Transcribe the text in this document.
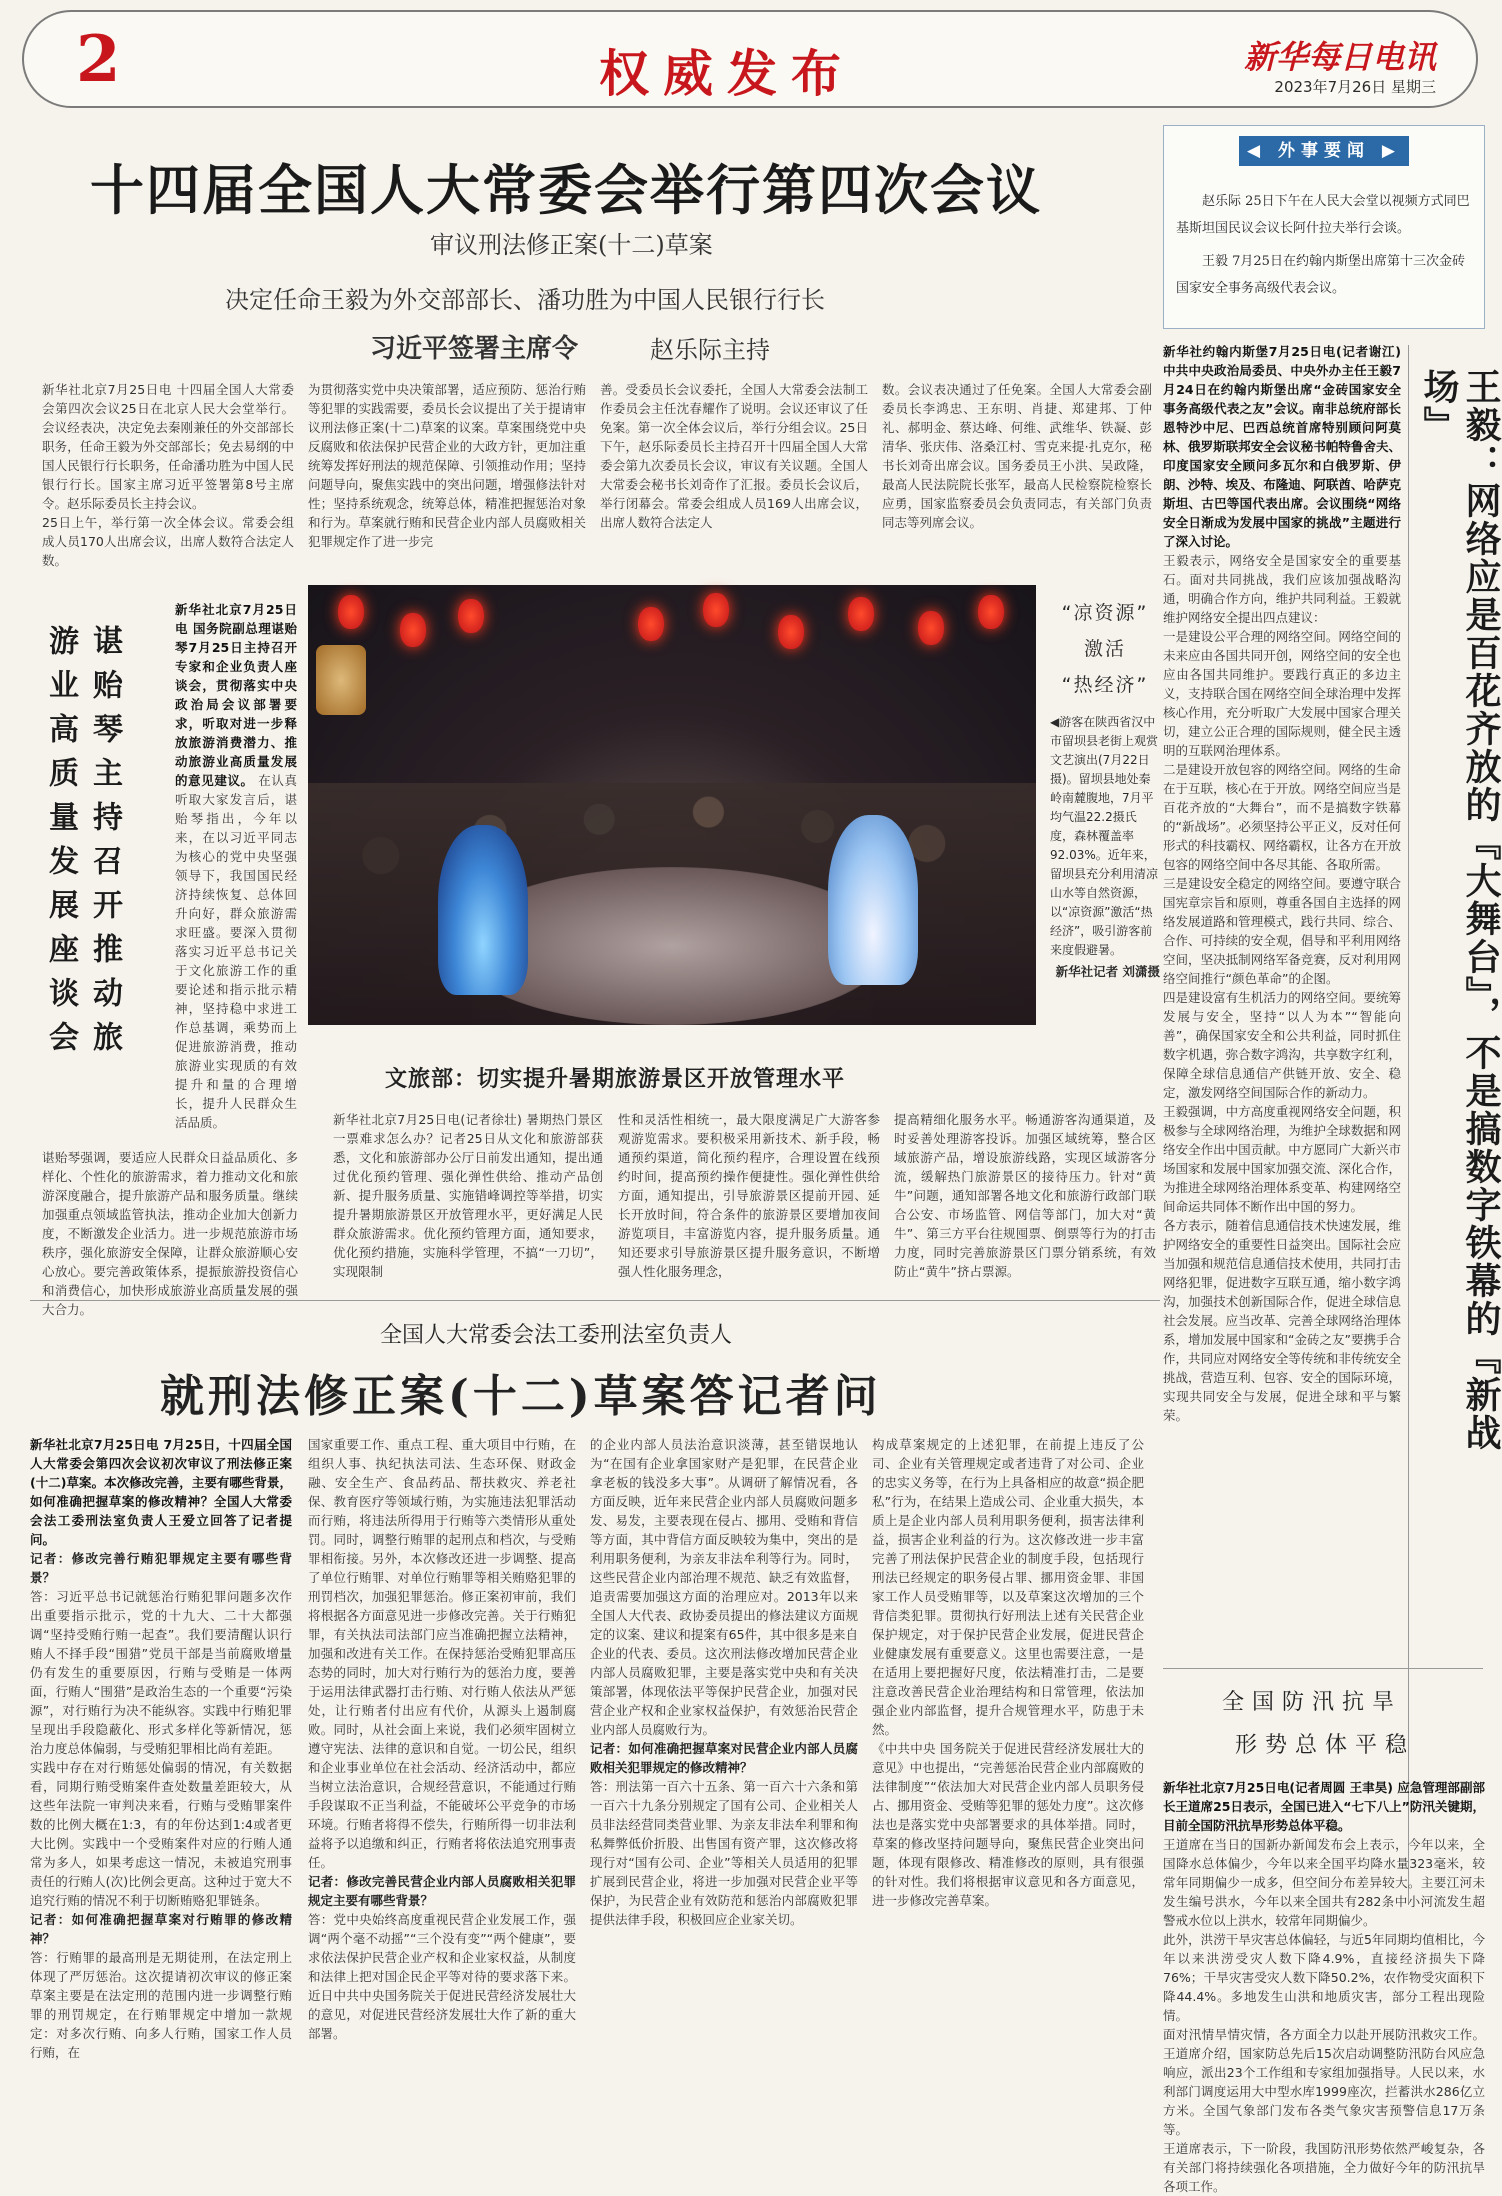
2	权威发布	新华每日电讯
2023年7月26日 星期三
◀ 外事要闻 ▶

赵乐际 25日下午在人民大会堂以视频方式同巴基斯坦国民议会议长阿什拉夫举行会谈。

王毅 7月25日在约翰内斯堡出席第十三次金砖国家安全事务高级代表会议。

十四届全国人大常委会举行第四次会议
审议刑法修正案(十二)草案
决定任命王毅为外交部部长、潘功胜为中国人民银行行长
习近平签署主席令	赵乐际主持
新华社北京7月25日电 十四届全国人大常委会第四次会议25日在北京人民大会堂举行。会议经表决，决定免去秦刚兼任的外交部部长职务，任命王毅为外交部部长；免去易纲的中国人民银行行长职务，任命潘功胜为中国人民银行行长。国家主席习近平签署第8号主席令。赵乐际委员长主持会议。
25日上午，举行第一次全体会议。常委会组成人员170人出席会议，出席人数符合法定人数。
为贯彻落实党中央决策部署，适应预防、惩治行贿等犯罪的实践需要，委员长会议提出了关于提请审议刑法修正案(十二)草案的议案。草案围绕党中央反腐败和依法保护民营企业的大政方针，更加注重统筹发挥好刑法的规范保障、引领推动作用；坚持问题导向，聚焦实践中的突出问题，增强修法针对性；坚持系统观念，统筹总体，精准把握惩治对象和行为。草案就行贿和民营企业内部人员腐败相关犯罪规定作了进一步完
善。受委员长会议委托，全国人大常委会法制工作委员会主任沈春耀作了说明。会议还审议了任免案。第一次全体会议后，举行分组会议。25日下午，赵乐际委员长主持召开十四届全国人大常委会第九次委员长会议，审议有关议题。全国人大常委会秘书长刘奇作了汇报。委员长会议后，举行闭幕会。常委会组成人员169人出席会议，出席人数符合法定人
数。会议表决通过了任免案。全国人大常委会副委员长李鸿忠、王东明、肖捷、郑建邦、丁仲礼、郝明金、蔡达峰、何维、武维华、铁凝、彭清华、张庆伟、洛桑江村、雪克来提·扎克尔，秘书长刘奇出席会议。国务委员王小洪、吴政隆，最高人民法院院长张军，最高人民检察院检察长应勇，国家监察委员会负责同志，有关部门负责同志等列席会议。
谌贻琴主持召开推动旅游业高质量发展座谈会
新华社北京7月25日电 国务院副总理谌贻琴7月25日主持召开专家和企业负责人座谈会，贯彻落实中央政治局会议部署要求，听取对进一步释放旅游消费潜力、推动旅游业高质量发展的意见建议。 在认真听取大家发言后，谌贻琴指出，今年以来，在以习近平同志为核心的党中央坚强领导下，我国国民经济持续恢复、总体回升向好，群众旅游需求旺盛。要深入贯彻落实习近平总书记关于文化旅游工作的重要论述和指示批示精神，坚持稳中求进工作总基调，乘势而上促进旅游消费，推动旅游业实现质的有效提升和量的合理增长，提升人民群众生活品质。
谌贻琴强调，要适应人民群众日益品质化、多样化、个性化的旅游需求，着力推动文化和旅游深度融合，提升旅游产品和服务质量。继续加强重点领域监管执法，推动企业加大创新力度，不断激发企业活力。进一步规范旅游市场秩序，强化旅游安全保障，让群众旅游顺心安心放心。要完善政策体系，提振旅游投资信心和消费信心，加快形成旅游业高质量发展的强大合力。
“凉资源”
激活
“热经济”
◀游客在陕西省汉中市留坝县老街上观赏文艺演出(7月22日摄)。留坝县地处秦岭南麓腹地，7月平均气温22.2摄氏度，森林覆盖率92.03%。近年来，留坝县充分利用清凉山水等自然资源，以“凉资源”激活“热经济”，吸引游客前来度假避暑。
新华社记者 刘潇摄
文旅部：切实提升暑期旅游景区开放管理水平
新华社北京7月25日电(记者徐壮) 暑期热门景区一票难求怎么办？记者25日从文化和旅游部获悉，文化和旅游部办公厅日前发出通知，提出通过优化预约管理、强化弹性供给、推动产品创新、提升服务质量、实施错峰调控等举措，切实提升暑期旅游景区开放管理水平，更好满足人民群众旅游需求。优化预约管理方面，通知要求，优化预约措施，实施科学管理，不搞“一刀切”，实现限制
性和灵活性相统一，最大限度满足广大游客参观游览需求。要积极采用新技术、新手段，畅通预约渠道，简化预约程序，合理设置在线预约时间，提高预约操作便捷性。强化弹性供给方面，通知提出，引导旅游景区提前开园、延长开放时间，符合条件的旅游景区要增加夜间游览项目，丰富游览内容，提升服务质量。通知还要求引导旅游景区提升服务意识，不断增强人性化服务理念，
提高精细化服务水平。畅通游客沟通渠道，及时妥善处理游客投诉。加强区域统筹，整合区域旅游产品，增设旅游线路，实现区域游客分流，缓解热门旅游景区的接待压力。针对“黄牛”问题，通知部署各地文化和旅游行政部门联合公安、市场监管、网信等部门，加大对“黄牛”、第三方平台往规囤票、倒票等行为的打击力度，同时完善旅游景区门票分销系统，有效防止“黄牛”挤占票源。
新华社约翰内斯堡7月25日电(记者谢江) 中共中央政治局委员、中央外办主任王毅7月24日在约翰内斯堡出席“金砖国家安全事务高级代表之友”会议。南非总统府部长恩特沙中尼、巴西总统首席特别顾问阿莫林、俄罗斯联邦安全会议秘书帕特鲁舍夫、印度国家安全顾问多瓦尔和白俄罗斯、伊朗、沙特、埃及、布隆迪、阿联酋、哈萨克斯坦、古巴等国代表出席。会议围绕“网络安全日渐成为发展中国家的挑战”主题进行了深入讨论。
王毅表示，网络安全是国家安全的重要基石。面对共同挑战，我们应该加强战略沟通，明确合作方向，维护共同利益。王毅就维护网络安全提出四点建议：
一是建设公平合理的网络空间。网络空间的未来应由各国共同开创，网络空间的安全也应由各国共同维护。要践行真正的多边主义，支持联合国在网络空间全球治理中发挥核心作用，充分听取广大发展中国家合理关切，建立公正合理的国际规则，健全民主透明的互联网治理体系。
二是建设开放包容的网络空间。网络的生命在于互联，核心在于开放。网络空间应当是百花齐放的“大舞台”，而不是搞数字铁幕的“新战场”。必须坚持公平正义，反对任何形式的科技霸权、网络霸权，让各方在开放包容的网络空间中各尽其能、各取所需。
三是建设安全稳定的网络空间。要遵守联合国宪章宗旨和原则，尊重各国自主选择的网络发展道路和管理模式，践行共同、综合、合作、可持续的安全观，倡导和平利用网络空间，坚决抵制网络军备竞赛，反对利用网络空间推行“颜色革命”的企图。
四是建设富有生机活力的网络空间。要统筹发展与安全，坚持“以人为本”“智能向善”，确保国家安全和公共利益，同时抓住数字机遇，弥合数字鸿沟，共享数字红利，保障全球信息通信产供链开放、安全、稳定，激发网络空间国际合作的新动力。
王毅强调，中方高度重视网络安全问题，积极参与全球网络治理，为维护全球数据和网络安全作出中国贡献。中方愿同广大新兴市场国家和发展中国家加强交流、深化合作，为推进全球网络治理体系变革、构建网络空间命运共同体不断作出中国的努力。
各方表示，随着信息通信技术快速发展，维护网络安全的重要性日益突出。国际社会应当加强和规范信息通信技术使用，共同打击网络犯罪，促进数字互联互通，缩小数字鸿沟，加强技术创新国际合作，促进全球信息社会发展。应当改革、完善全球网络治理体系，增加发展中国家和“金砖之友”要携手合作，共同应对网络安全等传统和非传统安全挑战，营造互利、包容、安全的国际环境，实现共同安全与发展，促进全球和平与繁荣。	王毅：网络应是百花齐放的『大舞台』，不是搞数字铁幕的『新战场』
全国人大常委会法工委刑法室负责人
就刑法修正案(十二)草案答记者问
新华社北京7月25日电 7月25日，十四届全国人大常委会第四次会议初次审议了刑法修正案(十二)草案。本次修改完善，主要有哪些背景，如何准确把握草案的修改精神？全国人大常委会法工委刑法室负责人王爱立回答了记者提问。
记者：修改完善行贿犯罪规定主要有哪些背景？
答：习近平总书记就惩治行贿犯罪问题多次作出重要指示批示，党的十九大、二十大都强调“坚持受贿行贿一起查”。我们要清醒认识行贿人不择手段“围猎”党员干部是当前腐败增量仍有发生的重要原因，行贿与受贿是一体两面，行贿人“围猎”是政治生态的一个重要“污染源”，对行贿行为决不能纵容。实践中行贿犯罪呈现出手段隐蔽化、形式多样化等新情况，惩治力度总体偏弱，与受贿犯罪相比尚有差距。
实践中存在对行贿惩处偏弱的情况，有关数据看，同期行贿受贿案件查处数量差距较大，从这些年法院一审判决来看，行贿与受贿罪案件数的比例大概在1:3，有的年份达到1:4或者更大比例。实践中一个受贿案件对应的行贿人通常为多人，如果考虑这一情况，未被追究刑事责任的行贿人(次)比例会更高。这种过于宽大不追究行贿的情况不利于切断贿赂犯罪链条。
记者：如何准确把握草案对行贿罪的修改精神？
答：行贿罪的最高刑是无期徒刑，在法定刑上体现了严厉惩治。这次提请初次审议的修正案草案主要是在法定刑的范围内进一步调整行贿罪的刑罚规定，在行贿罪规定中增加一款规定：对多次行贿、向多人行贿，国家工作人员行贿，在
国家重要工作、重点工程、重大项目中行贿，在组织人事、执纪执法司法、生态环保、财政金融、安全生产、食品药品、帮扶救灾、养老社保、教育医疗等领域行贿，为实施违法犯罪活动而行贿，将违法所得用于行贿等六类情形从重处罚。同时，调整行贿罪的起刑点和档次，与受贿罪相衔接。另外，本次修改还进一步调整、提高了单位行贿罪、对单位行贿罪等相关贿赂犯罪的刑罚档次，加强犯罪惩治。修正案初审前，我们将根据各方面意见进一步修改完善。关于行贿犯罪，有关执法司法部门应当准确把握立法精神，加强和改进有关工作。在保持惩治受贿犯罪高压态势的同时，加大对行贿行为的惩治力度，要善于运用法律武器打击行贿、对行贿人依法从严惩处，让行贿者付出应有代价，从源头上遏制腐败。同时，从社会面上来说，我们必须牢固树立遵守宪法、法律的意识和自觉。一切公民，组织和企业事业单位在社会活动、经济活动中，都应当树立法治意识，合规经营意识，不能通过行贿手段谋取不正当利益，不能破坏公平竞争的市场环境。行贿者将得不偿失，行贿所得一切非法利益将予以追缴和纠正，行贿者将依法追究刑事责任。
记者：修改完善民营企业内部人员腐败相关犯罪规定主要有哪些背景？
答：党中央始终高度重视民营企业发展工作，强调“两个毫不动摇”“三个没有变”“两个健康”，要求依法保护民营企业产权和企业家权益，从制度和法律上把对国企民企平等对待的要求落下来。近日中共中央国务院关于促进民营经济发展壮大的意见，对促进民营经济发展壮大作了新的重大部署。
的企业内部人员法治意识淡薄，甚至错误地认为“在国有企业拿国家财产是犯罪，在民营企业拿老板的钱没多大事”。从调研了解情况看，各方面反映，近年来民营企业内部人员腐败问题多发、易发，主要表现在侵占、挪用、受贿和背信等方面，其中背信方面反映较为集中，突出的是利用职务便利，为亲友非法牟利等行为。同时，这些民营企业内部治理不规范、缺乏有效监督，追责需要加强这方面的治理应对。2013年以来全国人大代表、政协委员提出的修法建议方面规定的议案、建议和提案有65件，其中很多是来自企业的代表、委员。这次刑法修改增加民营企业内部人员腐败犯罪，主要是落实党中央和有关决策部署，体现依法平等保护民营企业，加强对民营企业产权和企业家权益保护，有效惩治民营企业内部人员腐败行为。
记者：如何准确把握草案对民营企业内部人员腐败相关犯罪规定的修改精神？
答：刑法第一百六十五条、第一百六十六条和第一百六十九条分别规定了国有公司、企业相关人员非法经营同类营业罪、为亲友非法牟利罪和徇私舞弊低价折股、出售国有资产罪，这次修改将现行对“国有公司、企业”等相关人员适用的犯罪扩展到民营企业，将进一步加强对民营企业平等保护，为民营企业有效防范和惩治内部腐败犯罪提供法律手段，积极回应企业家关切。
构成草案规定的上述犯罪，在前提上违反了公司、企业有关管理规定或者违背了对公司、企业的忠实义务等，在行为上具备相应的故意“损企肥私”行为，在结果上造成公司、企业重大损失，本质上是企业内部人员利用职务便利，损害法律利益，损害企业利益的行为。这次修改进一步丰富完善了刑法保护民营企业的制度手段，包括现行刑法已经规定的职务侵占罪、挪用资金罪、非国家工作人员受贿罪等，以及草案这次增加的三个背信类犯罪。贯彻执行好刑法上述有关民营企业保护规定，对于保护民营企业发展，促进民营企业健康发展有重要意义。这里也需要注意，一是在适用上要把握好尺度，依法精准打击，二是要注意改善民营企业治理结构和日常管理，依法加强企业内部监督，提升合规管理水平，防患于未然。
《中共中央 国务院关于促进民营经济发展壮大的意见》中也提出，“完善惩治民营企业内部腐败的法律制度”“依法加大对民营企业内部人员职务侵占、挪用资金、受贿等犯罪的惩处力度”。这次修法也是落实党中央部署要求的具体举措。同时，草案的修改坚持问题导向，聚焦民营企业突出问题，体现有限修改、精准修改的原则，具有很强的针对性。我们将根据审议意见和各方面意见，进一步修改完善草案。
全国防汛抗旱
形势总体平稳
新华社北京7月25日电(记者周圆 王聿昊) 应急管理部副部长王道席25日表示，全国已进入“七下八上”防汛关键期，目前全国防汛抗旱形势总体平稳。
王道席在当日的国新办新闻发布会上表示，今年以来，全国降水总体偏少，今年以来全国平均降水量323毫米，较常年同期偏少一成多，但空间分布差异较大。主要江河未发生编号洪水，今年以来全国共有282条中小河流发生超警戒水位以上洪水，较常年同期偏少。
此外，洪涝干旱灾害总体偏轻，与近5年同期均值相比，今年以来洪涝受灾人数下降4.9%，直接经济损失下降76%；干旱灾害受灾人数下降50.2%，农作物受灾面积下降44.4%。多地发生山洪和地质灾害，部分工程出现险情。
面对汛情旱情灾情，各方面全力以赴开展防汛救灾工作。王道席介绍，国家防总先后15次启动调整防汛防台风应急响应，派出23个工作组和专家组加强指导。人民以来，水利部门调度运用大中型水库1999座次，拦蓄洪水286亿立方米。全国气象部门发布各类气象灾害预警信息17万条等。
王道席表示，下一阶段，我国防汛形势依然严峻复杂，各有关部门将持续强化各项措施，全力做好今年的防汛抗旱各项工作。
